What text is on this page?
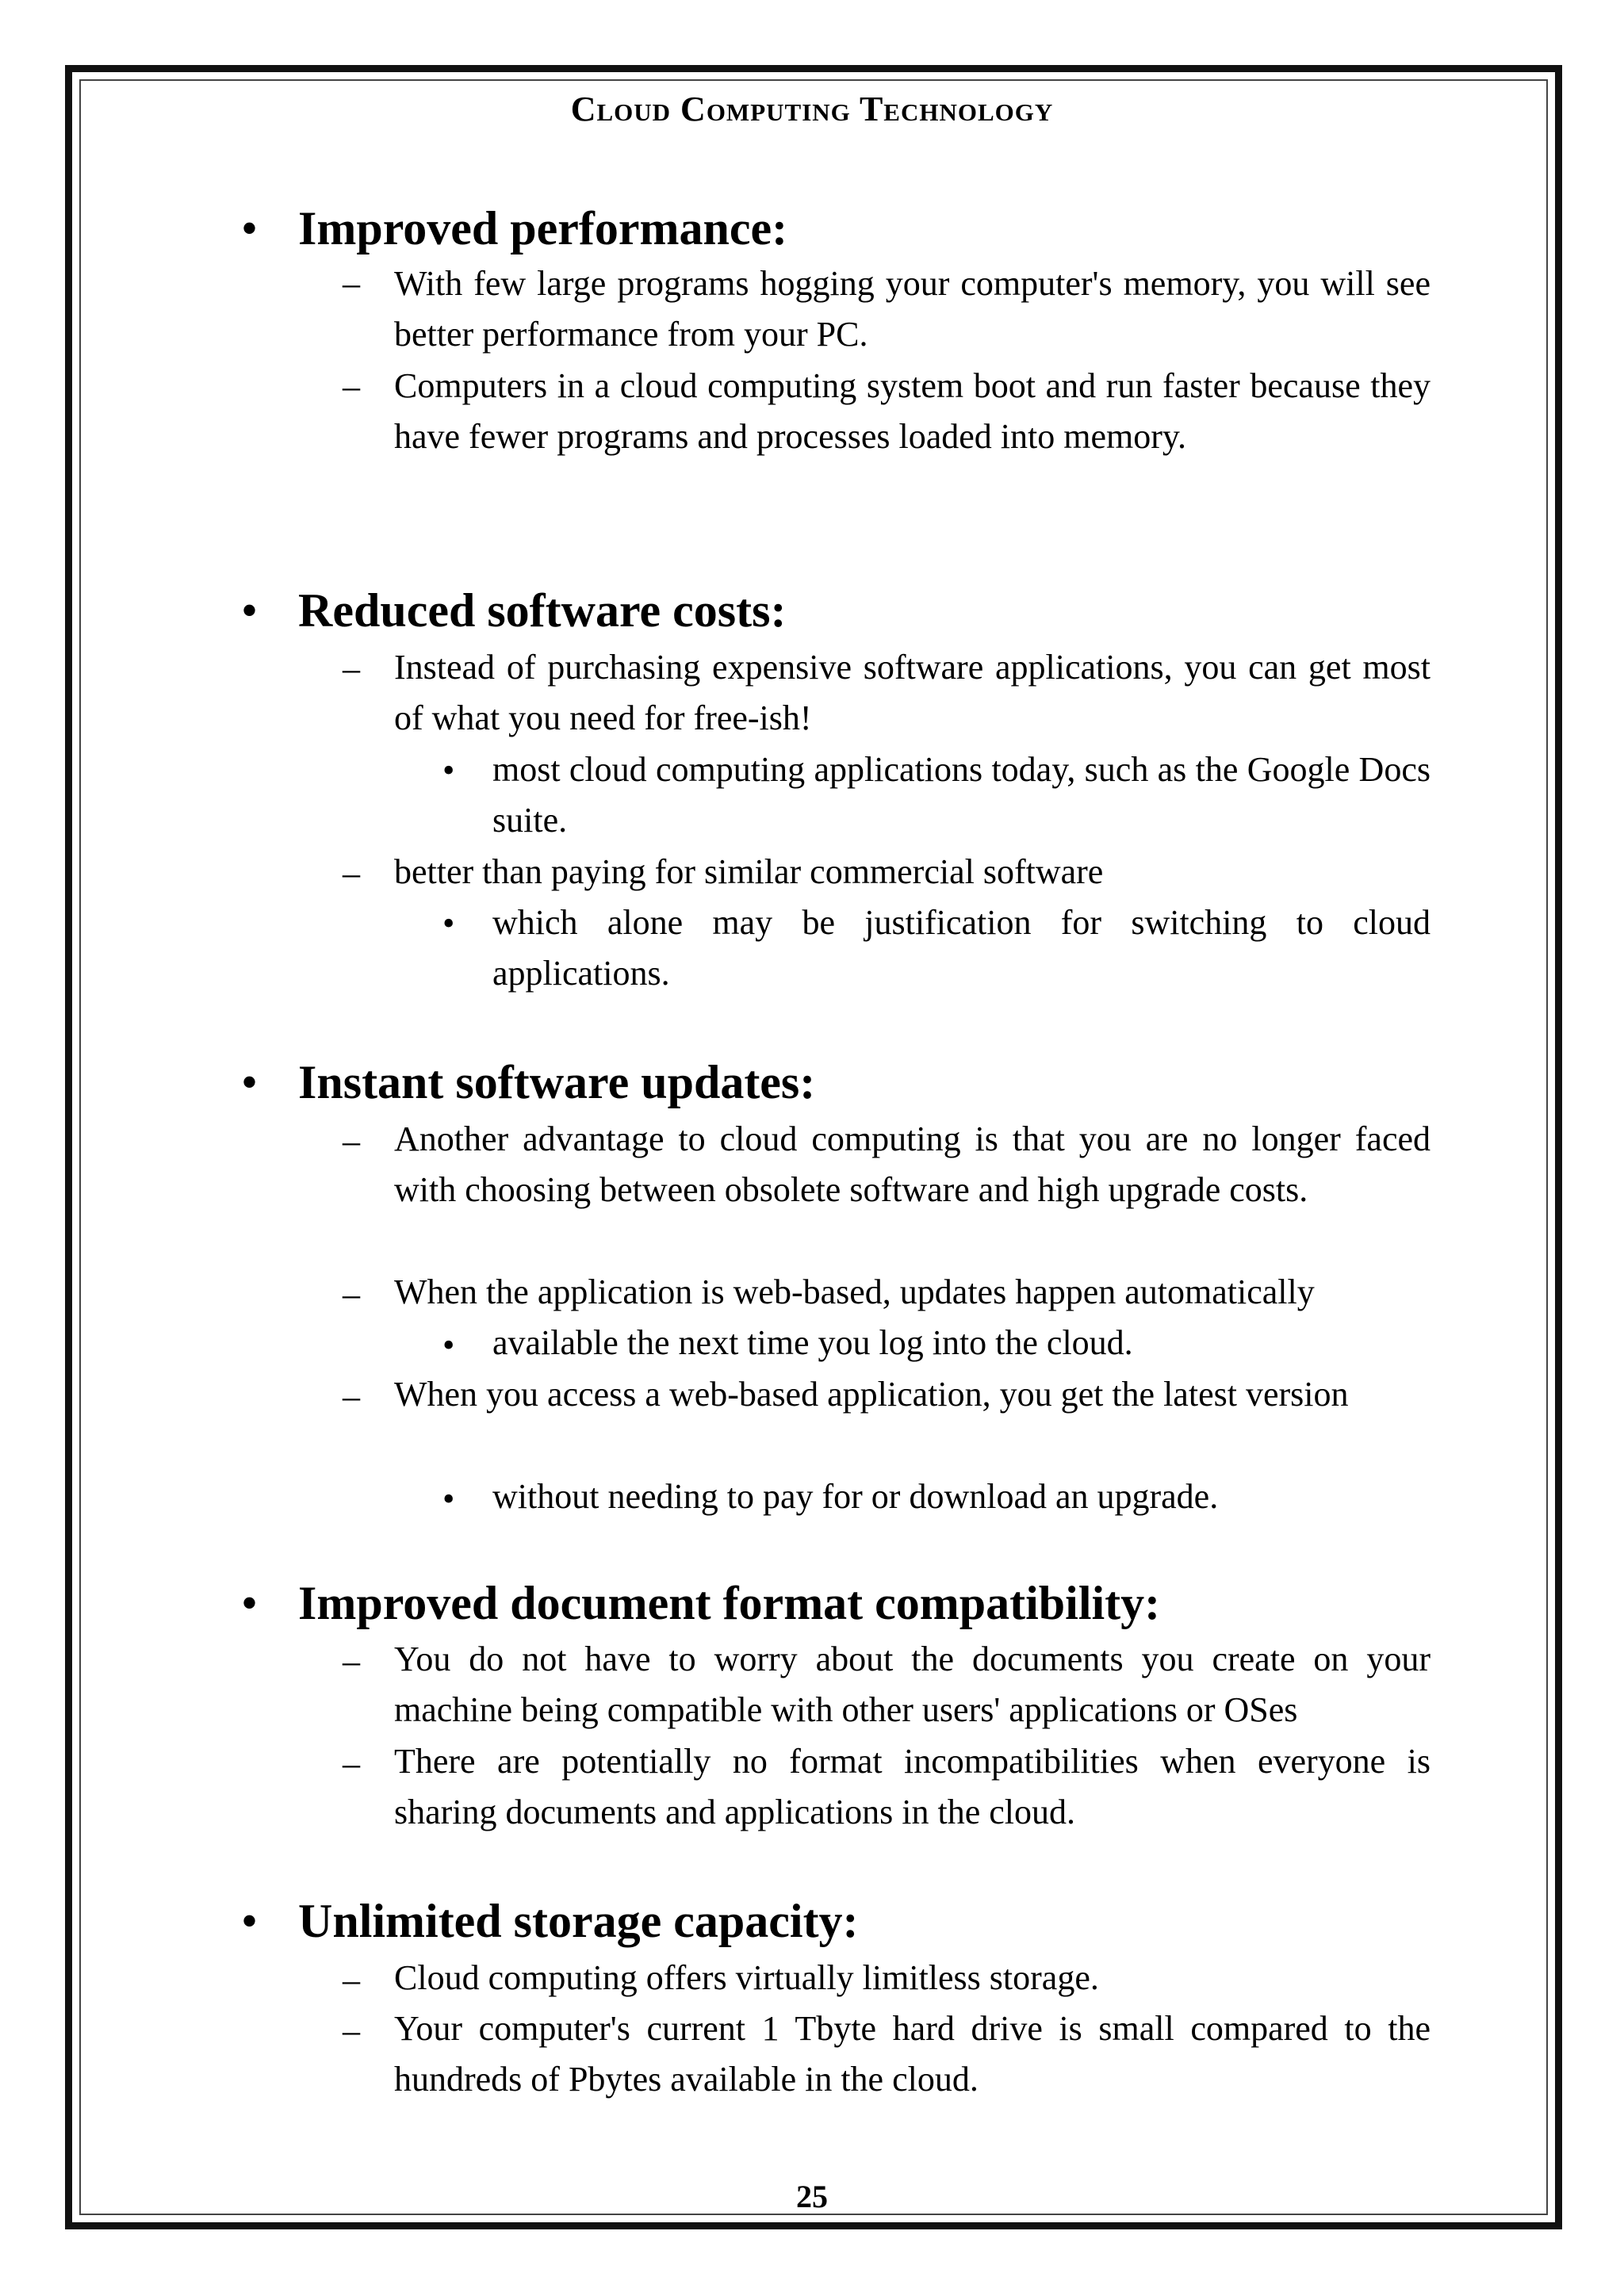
Cloud Computing Technology
• Improved performance:
– With few large programs hogging your computer's memory, you will see better performance from your PC.
– Computers in a cloud computing system boot and run faster because they have fewer programs and processes loaded into memory.
• Reduced software costs:
– Instead of purchasing expensive software applications, you can get most of what you need for free-ish!
• most cloud computing applications today, such as the Google Docs suite.
– better than paying for similar commercial software
• which alone may be justification for switching to cloud applications.
• Instant software updates:
– Another advantage to cloud computing is that you are no longer faced with choosing between obsolete software and high upgrade costs.
– When the application is web-based, updates happen automatically
• available the next time you log into the cloud.
– When you access a web-based application, you get the latest version
• without needing to pay for or download an upgrade.
• Improved document format compatibility:
– You do not have to worry about the documents you create on your machine being compatible with other users' applications or OSes
– There are potentially no format incompatibilities when everyone is sharing documents and applications in the cloud.
• Unlimited storage capacity:
– Cloud computing offers virtually limitless storage.
– Your computer's current 1 Tbyte hard drive is small compared to the hundreds of Pbytes available in the cloud.
25
